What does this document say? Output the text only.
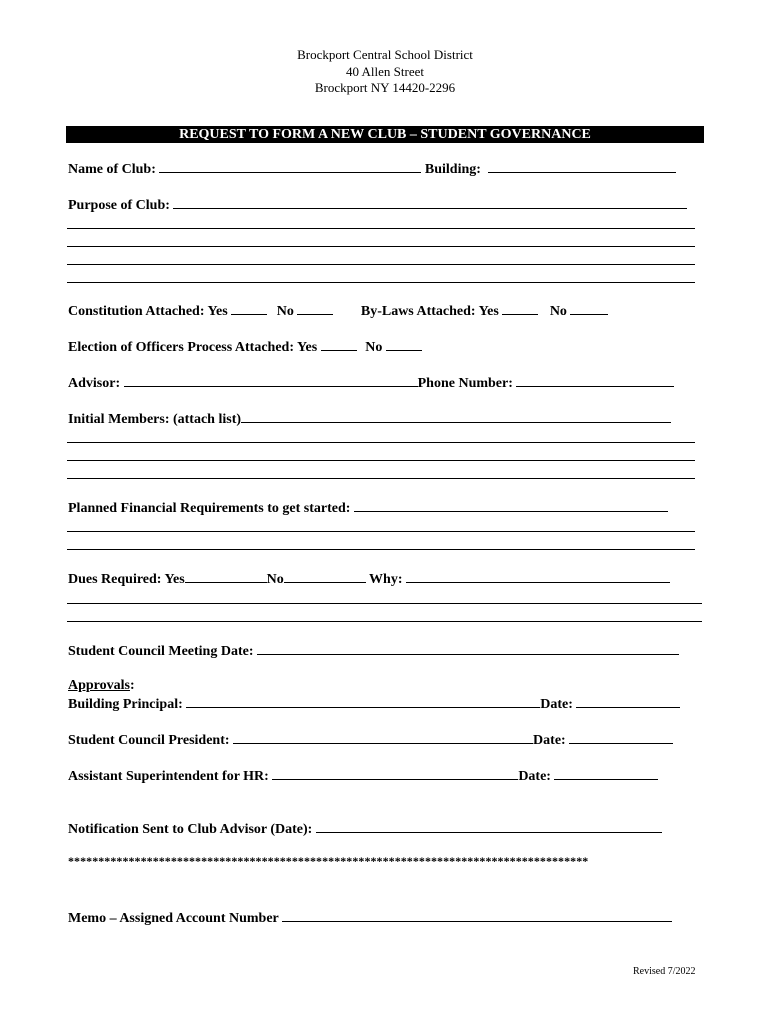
Brockport Central School District
40 Allen Street
Brockport NY 14420-2296
REQUEST TO FORM A NEW CLUB – STUDENT GOVERNANCE
Name of Club:	Building:
Purpose of Club:
Constitution Attached: Yes	No	By-Laws Attached: Yes	No
Election of Officers Process Attached: Yes	No
Advisor:	Phone Number:
Initial Members: (attach list)
Planned Financial Requirements to get started:
Dues Required: Yes	No	Why:
Student Council Meeting Date:
Approvals:
Building Principal:	Date:
Student Council President:	Date:
Assistant Superintendent for HR:	Date:
Notification Sent to Club Advisor (Date):
**************************************************************************************
Memo – Assigned Account Number
Revised 7/2022
